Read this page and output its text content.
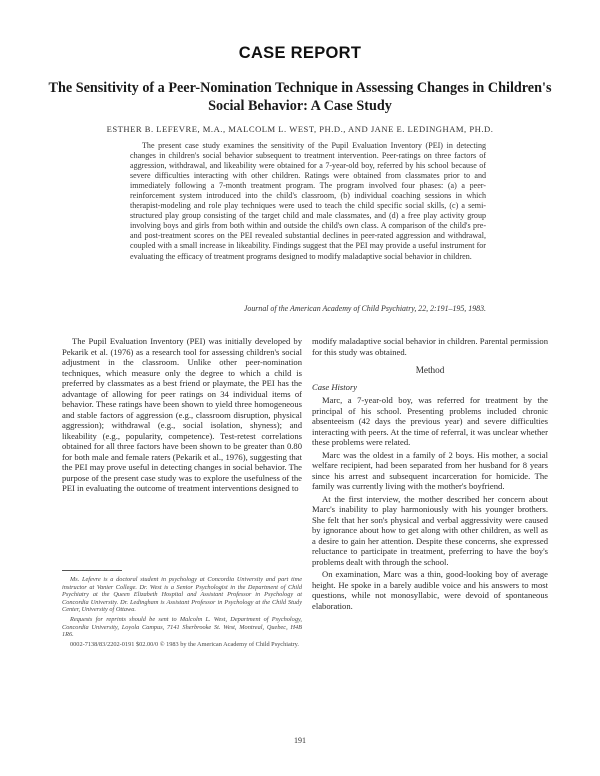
CASE REPORT
The Sensitivity of a Peer-Nomination Technique in Assessing Changes in Children's Social Behavior: A Case Study
ESTHER B. LEFEVRE, M.A., MALCOLM L. WEST, PH.D., AND JANE E. LEDINGHAM, PH.D.
The present case study examines the sensitivity of the Pupil Evaluation Inventory (PEI) in detecting changes in children's social behavior subsequent to treatment intervention. Peer-ratings on three factors of aggression, withdrawal, and likeability were obtained for a 7-year-old boy, referred by his school because of severe difficulties interacting with other children. Ratings were obtained from classmates prior to and immediately following a 7-month treatment program. The program involved four phases: (a) a peer-reinforcement system introduced into the child's classroom, (b) individual coaching sessions in which therapist-modeling and role play techniques were used to teach the child specific social skills, (c) a semi-structured play group consisting of the target child and male classmates, and (d) a free play activity group involving boys and girls from both within and outside the child's own class. A comparison of the child's pre- and post-treatment scores on the PEI revealed substantial declines in peer-rated aggression and withdrawal, coupled with a small increase in likeability. Findings suggest that the PEI may provide a useful instrument for evaluating the efficacy of treatment programs designed to modify maladaptive social behavior in children.
Journal of the American Academy of Child Psychiatry, 22, 2:191–195, 1983.

The Pupil Evaluation Inventory (PEI) was initially developed by Pekarik et al. (1976) as a research tool for assessing children's social adjustment in the classroom. Unlike other peer-nomination techniques, which measure only the degree to which a child is preferred by classmates as a best friend or playmate, the PEI has the advantage of allowing for peer ratings on 34 individual items of behavior. These ratings have been shown to yield three homogeneous and stable factors of aggression (e.g., classroom disruption, physical aggression); withdrawal (e.g., social isolation, shyness); and likeability (e.g., popularity, competence). Test-retest correlations obtained for all three factors have been shown to be greater than 0.80 for both male and female raters (Pekarik et al., 1976), suggesting that the PEI may prove useful in detecting changes in social behavior. The purpose of the present case study was to explore the usefulness of the PEI in evaluating the outcome of treatment interventions designed to

Ms. Lefevre is a doctoral student in psychology at Concordia University and part time instructor at Vanier College. Dr. West is a Senior Psychologist in the Department of Child Psychiatry at the Queen Elizabeth Hospital and Assistant Professor in Psychology at Concordia University. Dr. Ledingham is Assistant Professor in Psychology at the Child Study Center, University of Ottawa.

Requests for reprints should be sent to Malcolm L. West, Department of Psychology, Concordia University, Loyola Campus, 7141 Sherbrooke St. West, Montreal, Quebec, H4B 1R6.

0002-7138/83/2202-0191 $02.00/0 © 1983 by the American Academy of Child Psychiatry.

modify maladaptive social behavior in children. Parental permission for this study was obtained.

Method
Case History

Marc, a 7-year-old boy, was referred for treatment by the principal of his school. Presenting problems included chronic absenteeism (42 days the previous year) and severe difficulties interacting with peers. At the time of referral, it was unclear whether these problems were related.

Marc was the oldest in a family of 2 boys. His mother, a social welfare recipient, had been separated from her husband for 8 years since his arrest and subsequent incarceration for homicide. The family was currently living with the mother's boyfriend.

At the first interview, the mother described her concern about Marc's inability to play harmoniously with his younger brothers. She felt that her son's physical and verbal aggressivity were caused by ignorance about how to get along with other children, as well as a desire to gain her attention. Despite these concerns, she expressed reluctance to participate in treatment, preferring to have the boy's problems dealt with through the school.

On examination, Marc was a thin, good-looking boy of average height. He spoke in a barely audible voice and his answers to most questions, while not monosyllabic, were devoid of spontaneous elaboration.

191
